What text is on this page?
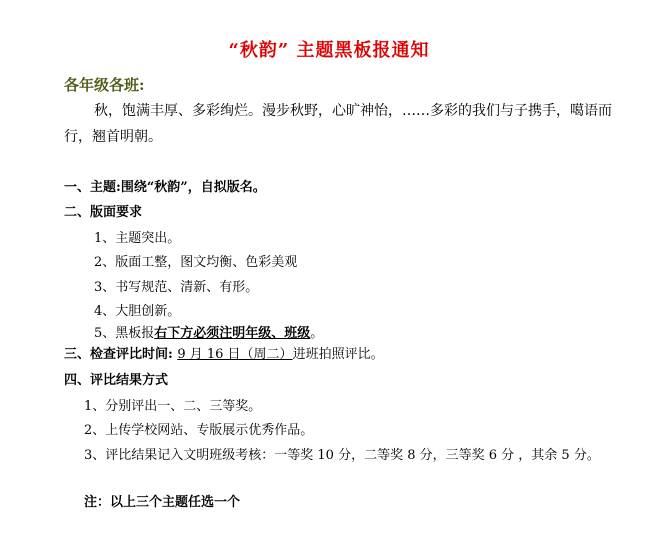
“秋韵” 主题黑板报通知
各年级各班:
秋，饱满丰厚、多彩绚烂。漫步秋野，心旷神怡，……多彩的我们与子携手，噶语而行，翘首明朝。
一、主题:围绕“秋韵”，自拟版名。
二、版面要求
1、主题突出。
2、版面工整，图文均衡、色彩美观
3、书写规范、清新、有形。
4、大胆创新。
5、黑板报右下方必须注明年级、班级。
三、检查评比时间: 9 月 16 日（周二）进班拍照评比。
四、评比结果方式
1、分别评出一、二、三等奖。
2、上传学校网站、专版展示优秀作品。
3、评比结果记入文明班级考核：一等奖 10 分，二等奖 8 分，三等奖 6 分 ，其余 5 分。
注：以上三个主题任选一个
